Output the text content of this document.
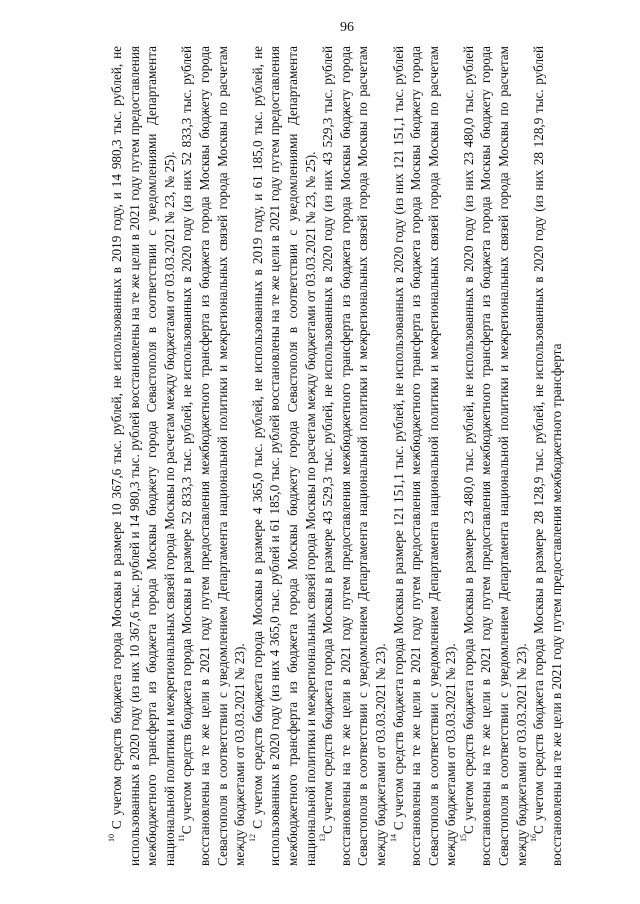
96

$^{10}$ С учетом средств бюджета города Москвы в размере 10 367,6 тыс. рублей, не использованных в 2019 году, и 14 980,3 тыс. рублей, не использованных в 2020 году (из них 10 367,6 тыс. рублей и 14 980,3 тыс. рублей восстановлены на те же цели в 2021 году путем предоставления межбюджетного трансферта из бюджета города Москвы бюджету города Севастополя в соответствии с уведомлениями Департамента национальной политики и межрегиональных связей города Москвы по расчетам между бюджетами от 03.03.2021 № 23, № 25). $^{11}$С учетом средств бюджета города Москвы в размере 52 833,3 тыс. рублей, не использованных в 2020 году (из них 52 833,3 тыс. рублей восстановлены на те же цели в 2021 году путем предоставления межбюджетного трансферта из бюджета города Москвы бюджету города Севастополя в соответствии с уведомлением Департамента национальной политики и межрегиональных связей города Москвы по расчетам между бюджетами от 03.03.2021 № 23). $^{12}$ С учетом средств бюджета города Москвы в размере 4 365,0 тыс. рублей, не использованных в 2019 году, и 61 185,0 тыс. рублей, не использованных в 2020 году (из них 4 365,0 тыс. рублей и 61 185,0 тыс. рублей восстановлены на те же цели в 2021 году путем предоставления межбюджетного трансферта из бюджета города Москвы бюджету города Севастополя в соответствии с уведомлениями Департамента национальной политики и межрегиональных связей города Москвы по расчетам между бюджетами от 03.03.2021 № 23, № 25). $^{13}$С учетом средств бюджета города Москвы в размере 43 529,3 тыс. рублей, не использованных в 2020 году (из них 43 529,3 тыс. рублей восстановлены на те же цели в 2021 году путем предоставления межбюджетного трансферта из бюджета города Москвы бюджету города Севастополя в соответствии с уведомлением Департамента национальной политики и межрегиональных связей города Москвы по расчетам между бюджетами от 03.03.2021 № 23). $^{14}$ С учетом средств бюджета города Москвы в размере 121 151,1 тыс. рублей, не использованных в 2020 году (из них 121 151,1 тыс. рублей восстановлены на те же цели в 2021 году путем предоставления межбюджетного трансферта из бюджета города Москвы бюджету города Севастополя в соответствии с уведомлением Департамента национальной политики и межрегиональных связей города Москвы по расчетам между бюджетами от 03.03.2021 № 23). $^{15}$С учетом средств бюджета города Москвы в размере 23 480,0 тыс. рублей, не использованных в 2020 году (из них 23 480,0 тыс. рублей восстановлены на те же цели в 2021 году путем предоставления межбюджетного трансферта из бюджета города Москвы бюджету города Севастополя в соответствии с уведомлением Департамента национальной политики и межрегиональных связей города Москвы по расчетам между бюджетами от 03.03.2021 № 23). $^{16}$С учетом средств бюджета города Москвы в размере 28 128,9 тыс. рублей, не использованных в 2020 году (из них 28 128,9 тыс. рублей восстановлены на те же цели в 2021 году путем предоставления межбюджетного трансферта
